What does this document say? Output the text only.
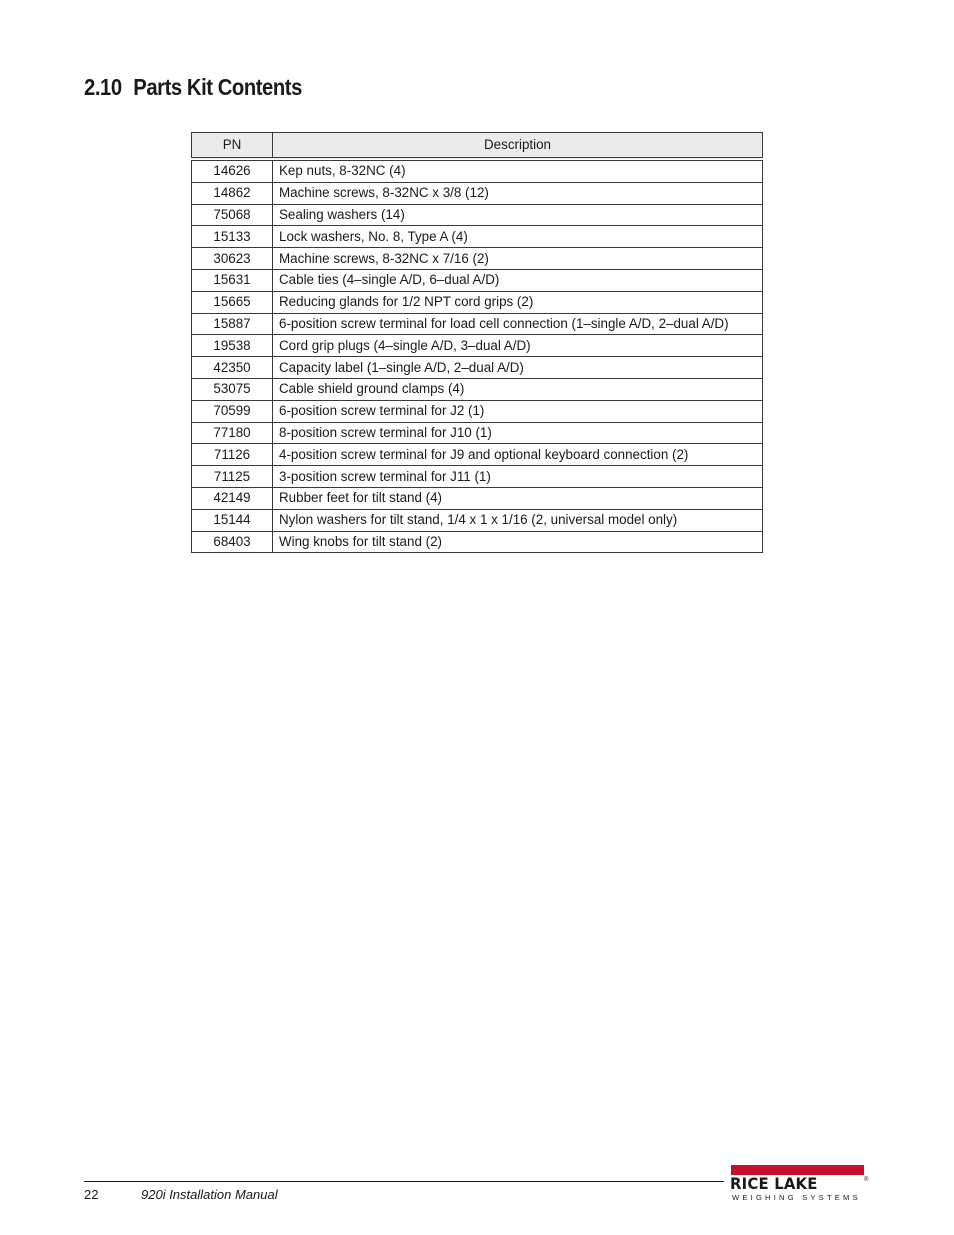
2.10 Parts Kit Contents
PN	Description
14626	Kep nuts, 8-32NC (4)
14862	Machine screws, 8-32NC x 3/8 (12)
75068	Sealing washers (14)
15133	Lock washers, No. 8, Type A (4)
30623	Machine screws, 8-32NC x 7/16 (2)
15631	Cable ties (4–single A/D, 6–dual A/D)
15665	Reducing glands for 1/2 NPT cord grips (2)
15887	6-position screw terminal for load cell connection (1–single A/D, 2–dual A/D)
19538	Cord grip plugs (4–single A/D, 3–dual A/D)
42350	Capacity label (1–single A/D, 2–dual A/D)
53075	Cable shield ground clamps (4)
70599	6-position screw terminal for J2 (1)
77180	8-position screw terminal for J10 (1)
71126	4-position screw terminal for J9 and optional keyboard connection (2)
71125	3-position screw terminal for J11 (1)
42149	Rubber feet for tilt stand (4)
15144	Nylon washers for tilt stand, 1/4 x 1 x 1/16 (2, universal model only)
68403	Wing knobs for tilt stand (2)
22	920i Installation Manual
RICE LAKE	®
WEIGHING SYSTEMS
